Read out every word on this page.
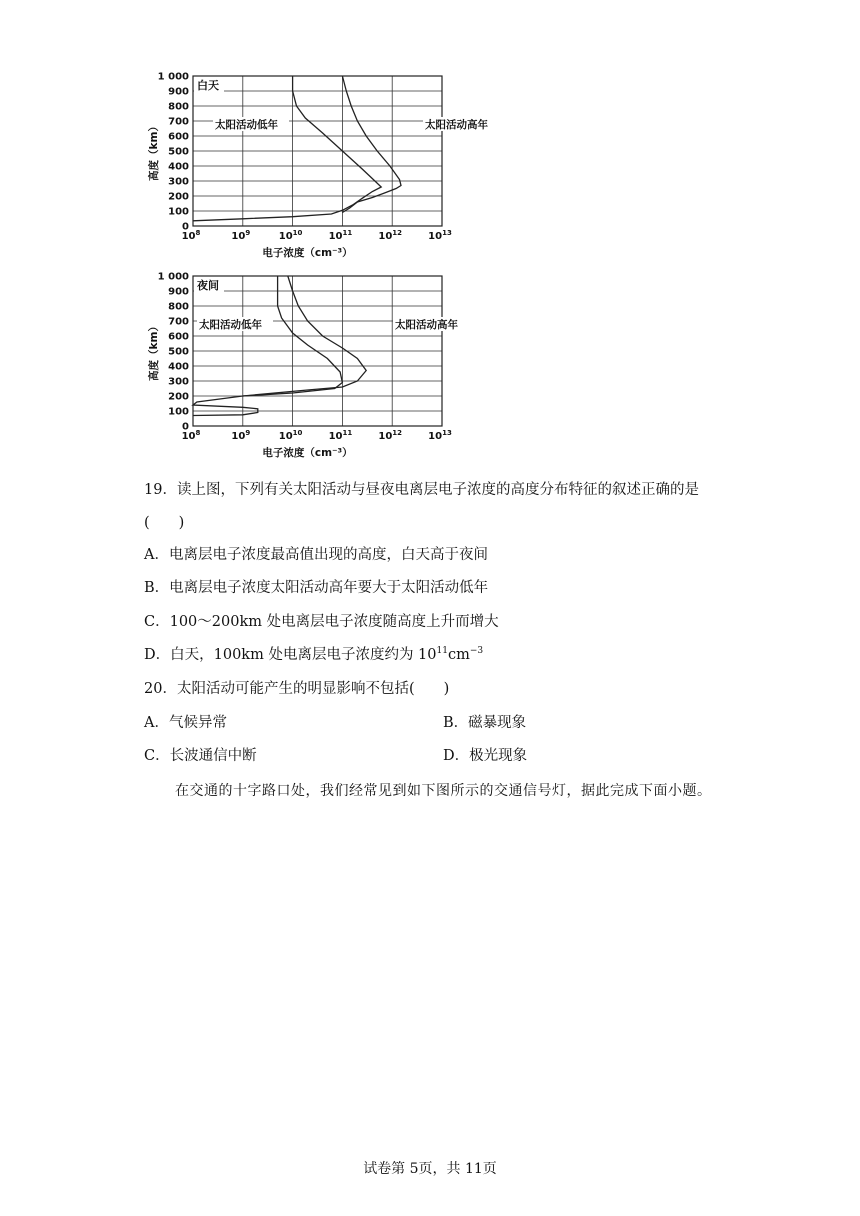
0
100
200
300
400
500
600
700
800
900
1 000
$10^8$	$10^9$	$10^{10}$	$10^{11}$	$10^{12}$	$10^{13}$
白天
电子浓度（cm⁻³）
高度（km）	太阳活动低年	太阳活动高年
0
100
200
300
400
500
600
700
800
900
1 000
$10^8$	$10^9$	$10^{10}$	$10^{11}$	$10^{12}$	$10^{13}$
夜间
电子浓度（cm⁻³）
高度（km）	太阳活动低年	太阳活动高年
19．读上图，下列有关太阳活动与昼夜电离层电子浓度的高度分布特征的叙述正确的是
(　　)
A．电离层电子浓度最高值出现的高度，白天高于夜间
B．电离层电子浓度太阳活动高年要大于太阳活动低年
C．100～200km 处电离层电子浓度随高度上升而增大
D．白天，100km 处电离层电子浓度约为 $10^{11}cm^{-3}$
20．太阳活动可能产生的明显影响不包括(　　)
A．气候异常	B．磁暴现象
C．长波通信中断	D．极光现象
在交通的十字路口处，我们经常见到如下图所示的交通信号灯，据此完成下面小题。
试卷第 5页，共 11页
